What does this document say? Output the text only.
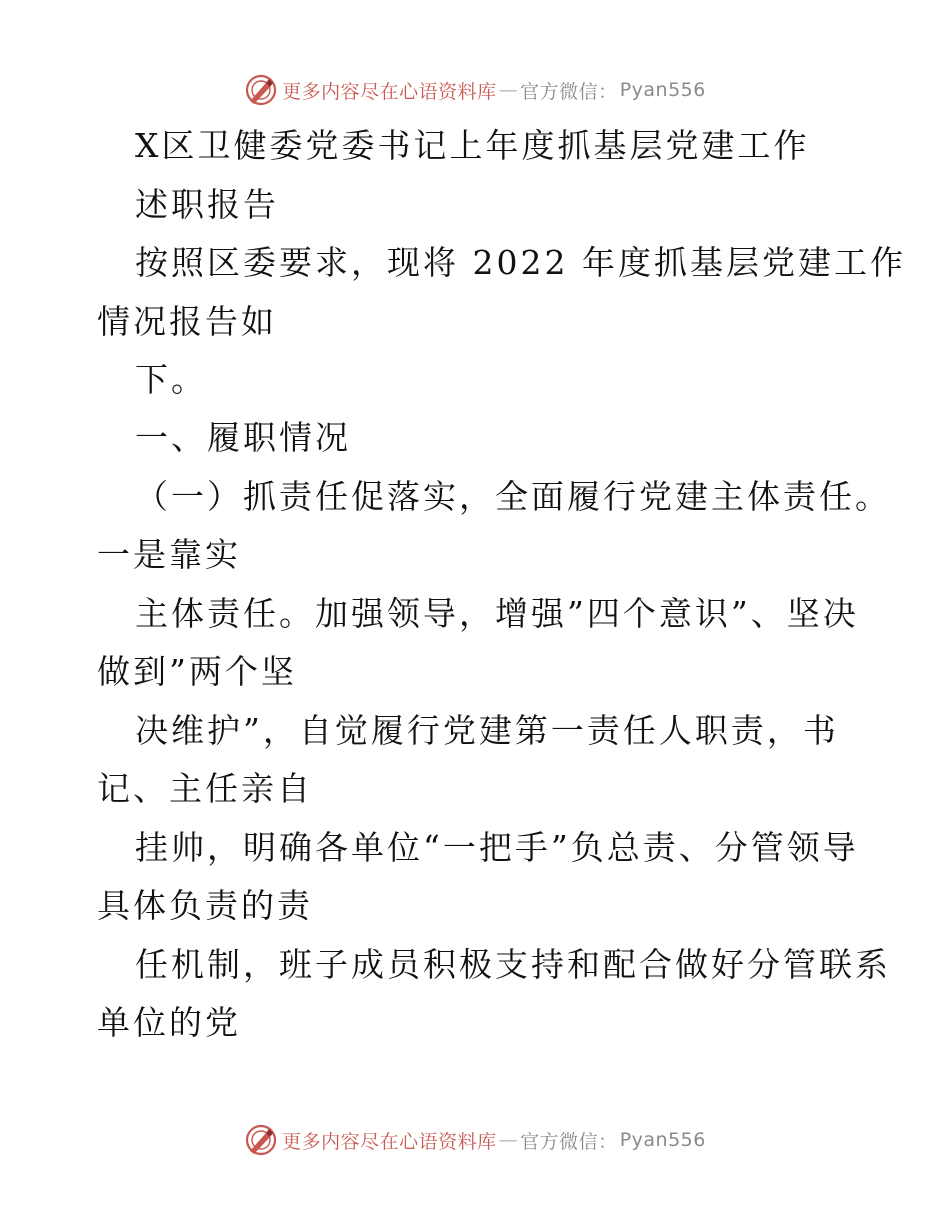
更多内容尽在心语资料库 — 官方微信： Pyan556
X区卫健委党委书记上年度抓基层党建工作
述职报告
按照区委要求，现将 2022 年度抓基层党建工作
情况报告如
下。
一、履职情况
（一）抓责任促落实，全面履行党建主体责任。
一是靠实
主体责任。加强领导，增强”四个意识”、坚决
做到”两个坚
决维护”，自觉履行党建第一责任人职责，书
记、主任亲自
挂帅，明确各单位“一把手”负总责、分管领导
具体负责的责
任机制，班子成员积极支持和配合做好分管联系
单位的党
更多内容尽在心语资料库 — 官方微信： Pyan556
